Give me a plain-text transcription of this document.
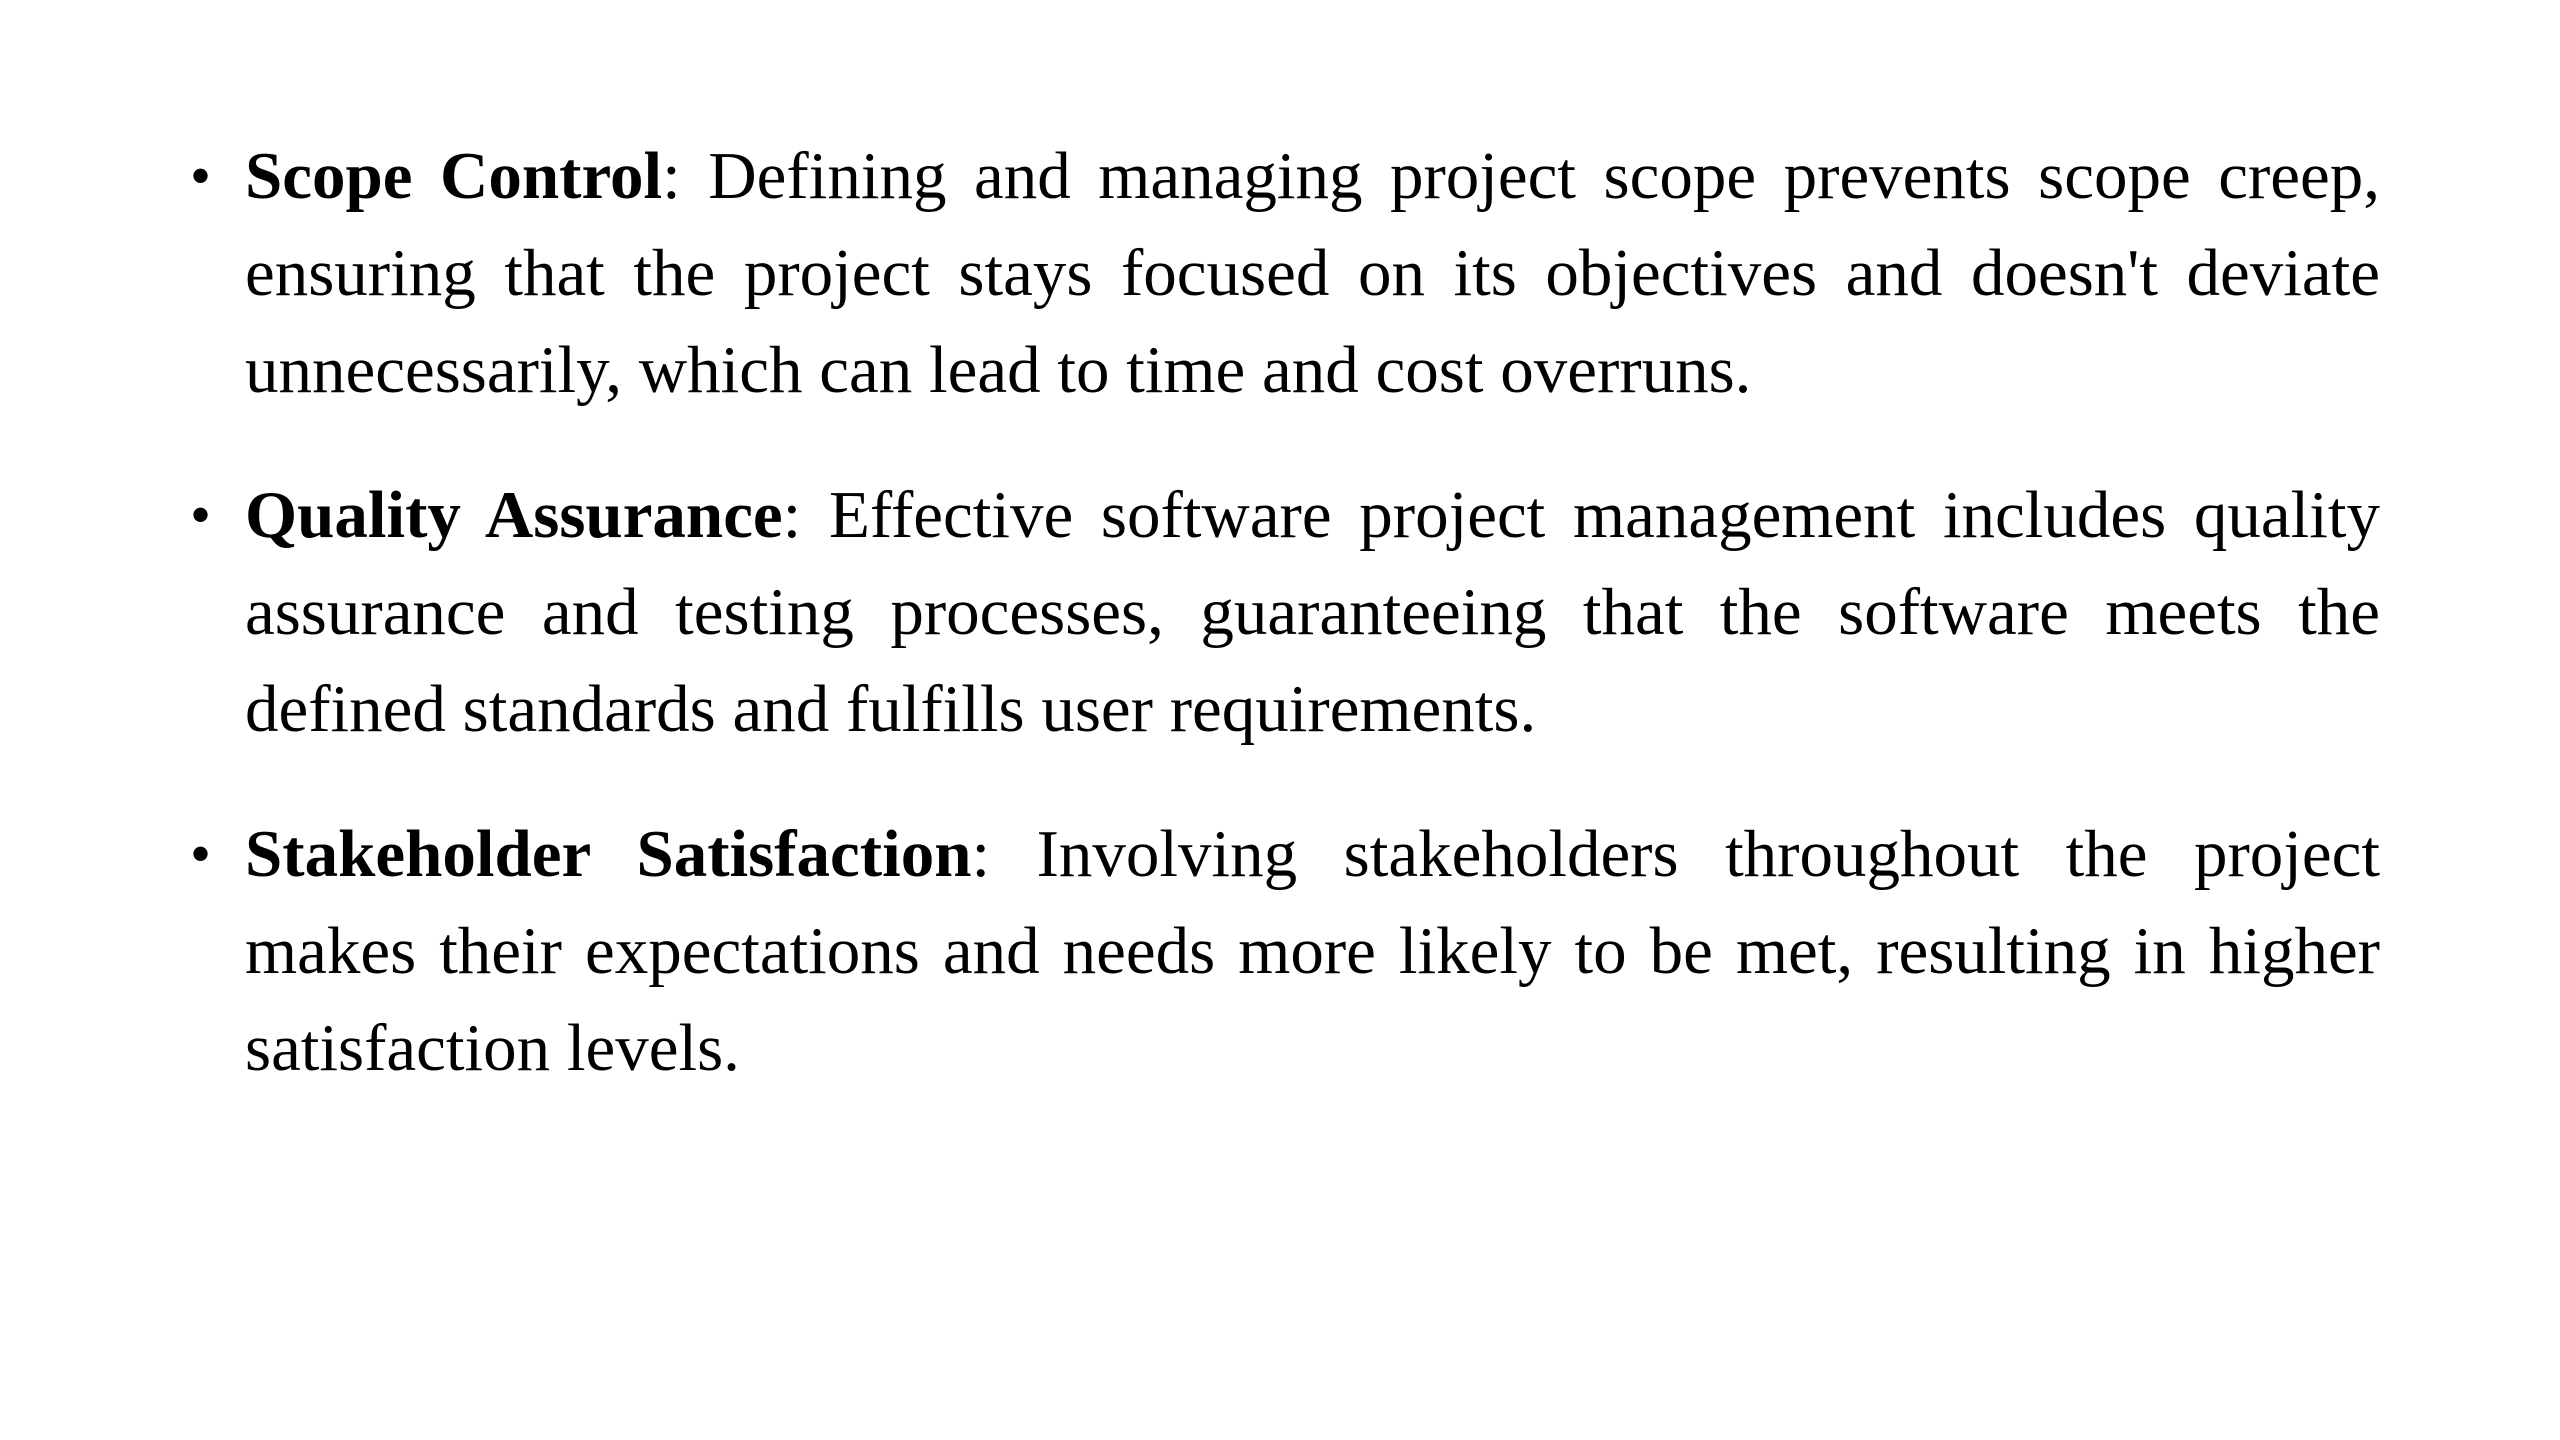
• Scope Control: Defining and managing project scope prevents scope creep, ensuring that the project stays focused on its objectives and doesn't deviate unnecessarily, which can lead to time and cost overruns.
• Quality Assurance: Effective software project management includes quality assurance and testing processes, guaranteeing that the software meets the defined standards and fulfills user requirements.
• Stakeholder Satisfaction: Involving stakeholders throughout the project makes their expectations and needs more likely to be met, resulting in higher satisfaction levels.
